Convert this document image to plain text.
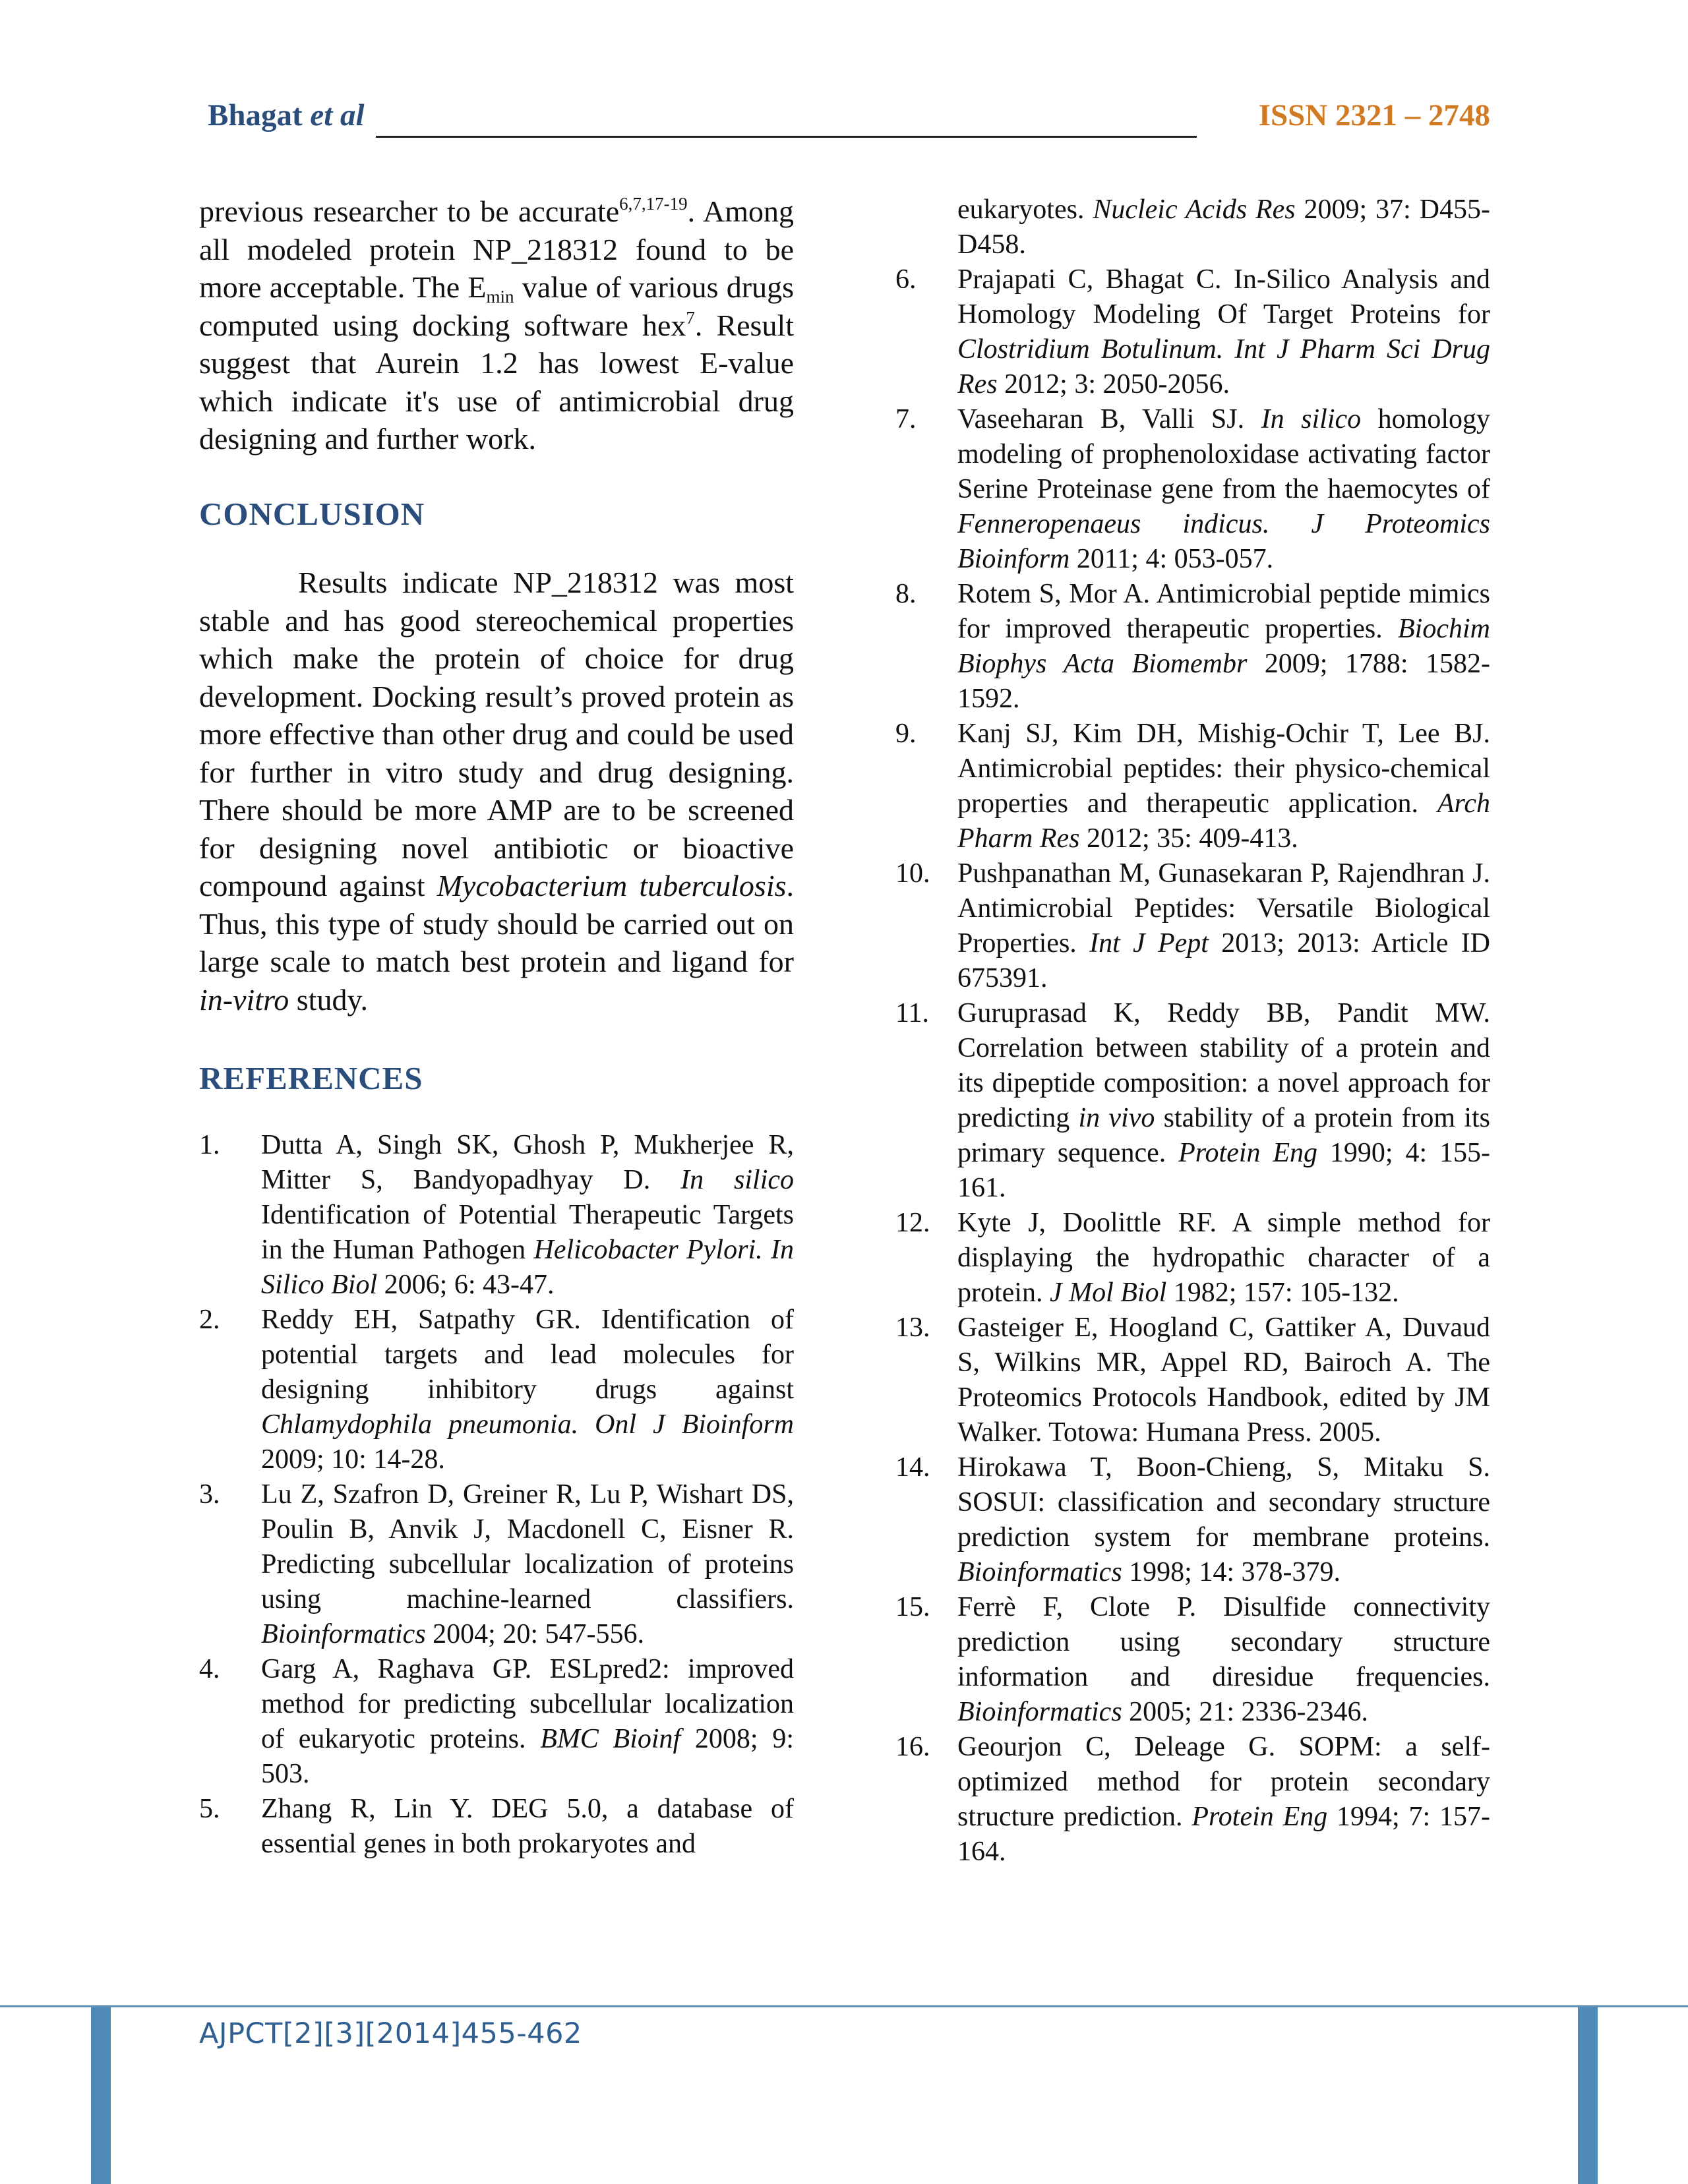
Bhagat et al	ISSN 2321 – 2748

previous researcher to be accurate$^{6,7,17-19}$. Among all modeled protein NP_218312 found to be more acceptable. The $E_{min}$ value of various drugs computed using docking software hex$^7$. Result suggest that Aurein 1.2 has lowest E-value which indicate it's use of antimicrobial drug designing and further work.

CONCLUSION

Results indicate NP_218312 was most stable and has good stereochemical properties which make the protein of choice for drug development. Docking result’s proved protein as more effective than other drug and could be used for further in vitro study and drug designing. There should be more AMP are to be screened for designing novel antibiotic or bioactive compound against Mycobacterium tuberculosis. Thus, this type of study should be carried out on large scale to match best protein and ligand for in-vitro study.

REFERENCES

1. Dutta A, Singh SK, Ghosh P, Mukherjee R, Mitter S, Bandyopadhyay D. In silico Identification of Potential Therapeutic Targets in the Human Pathogen Helicobacter Pylori. In Silico Biol 2006; 6: 43-47.

2. Reddy EH, Satpathy GR. Identification of potential targets and lead molecules for designing inhibitory drugs against Chlamydophila pneumonia. Onl J Bioinform 2009; 10: 14-28.

3. Lu Z, Szafron D, Greiner R, Lu P, Wishart DS, Poulin B, Anvik J, Macdonell C, Eisner R. Predicting subcellular localization of proteins using machine-learned classifiers. Bioinformatics 2004; 20: 547-556.

4. Garg A, Raghava GP. ESLpred2: improved method for predicting subcellular localization of eukaryotic proteins. BMC Bioinf 2008; 9: 503.

5. Zhang R, Lin Y. DEG 5.0, a database of essential genes in both prokaryotes and

eukaryotes. Nucleic Acids Res 2009; 37: D455-D458.

6. Prajapati C, Bhagat C. In-Silico Analysis and Homology Modeling Of Target Proteins for Clostridium Botulinum. Int J Pharm Sci Drug Res 2012; 3: 2050-2056.

7. Vaseeharan B, Valli SJ. In silico homology modeling of prophenoloxidase activating factor Serine Proteinase gene from the haemocytes of Fenneropenaeus indicus. J Proteomics Bioinform 2011; 4: 053-057.

8. Rotem S, Mor A. Antimicrobial peptide mimics for improved therapeutic properties. Biochim Biophys Acta Biomembr 2009; 1788: 1582-1592.

9. Kanj SJ, Kim DH, Mishig-Ochir T, Lee BJ. Antimicrobial peptides: their physico-chemical properties and therapeutic application. Arch Pharm Res 2012; 35: 409-413.

10. Pushpanathan M, Gunasekaran P, Rajendhran J. Antimicrobial Peptides: Versatile Biological Properties. Int J Pept 2013; 2013: Article ID 675391.

11. Guruprasad K, Reddy BB, Pandit MW. Correlation between stability of a protein and its dipeptide composition: a novel approach for predicting in vivo stability of a protein from its primary sequence. Protein Eng 1990; 4: 155-161.

12. Kyte J, Doolittle RF. A simple method for displaying the hydropathic character of a protein. J Mol Biol 1982; 157: 105-132.

13. Gasteiger E, Hoogland C, Gattiker A, Duvaud S, Wilkins MR, Appel RD, Bairoch A. The Proteomics Protocols Handbook, edited by JM Walker. Totowa: Humana Press. 2005.

14. Hirokawa T, Boon-Chieng, S, Mitaku S. SOSUI: classification and secondary structure prediction system for membrane proteins. Bioinformatics 1998; 14: 378-379.

15. Ferrè F, Clote P. Disulfide connectivity prediction using secondary structure information and diresidue frequencies. Bioinformatics 2005; 21: 2336-2346.

16. Geourjon C, Deleage G. SOPM: a self-optimized method for protein secondary structure prediction. Protein Eng 1994; 7: 157-164.

AJPCT[2][3][2014]455-462
